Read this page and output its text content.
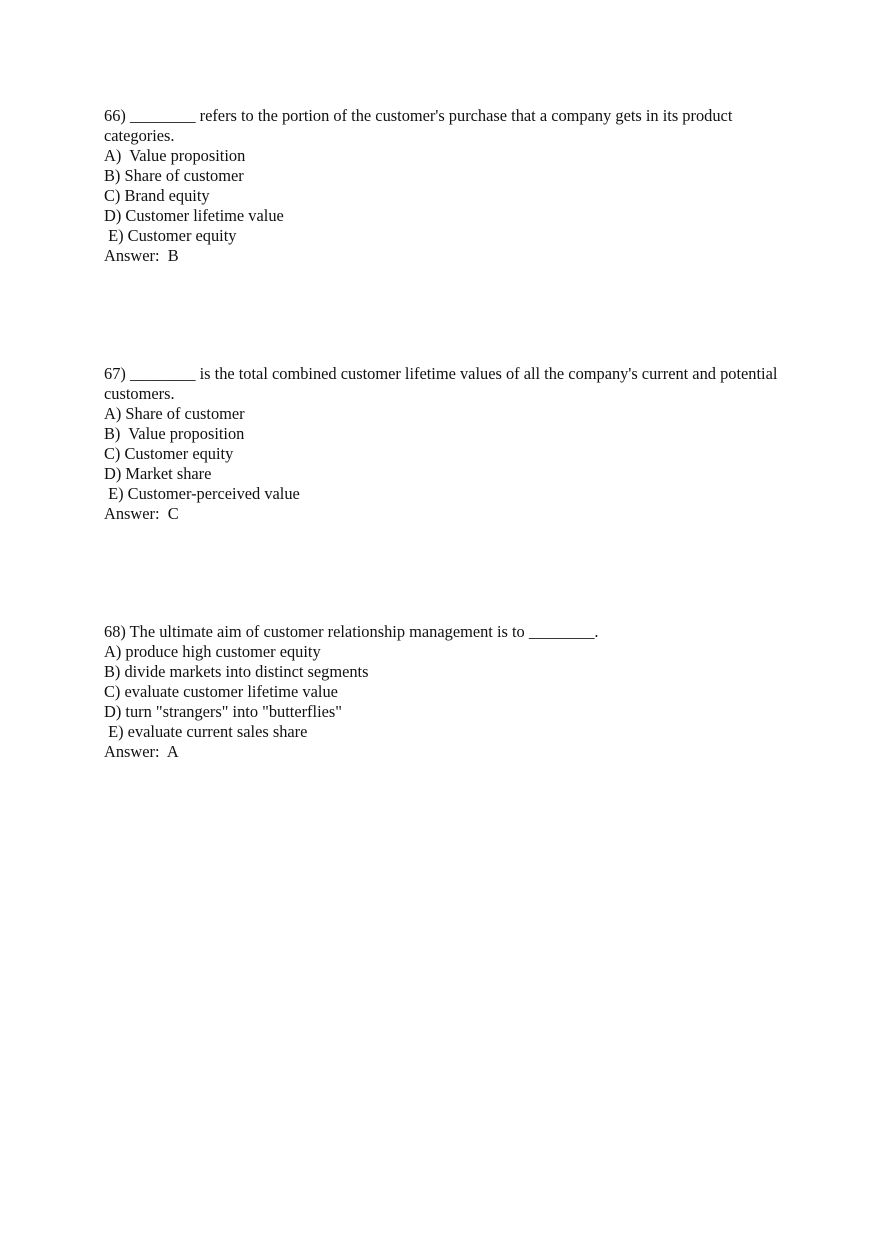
66) ________ refers to the portion of the customer's purchase that a company gets in its product categories.

A)  Value proposition
B) Share of customer
C) Brand equity
D) Customer lifetime value
E) Customer equity

Answer:  B

67) ________ is the total combined customer lifetime values of all the company's current and potential customers.

A) Share of customer
B)  Value proposition
C) Customer equity
D) Market share
E) Customer-perceived value

Answer:  C

68) The ultimate aim of customer relationship management is to ________.

A) produce high customer equity
B) divide markets into distinct segments
C) evaluate customer lifetime value
D) turn "strangers" into "butterflies"
E) evaluate current sales share

Answer:  A
